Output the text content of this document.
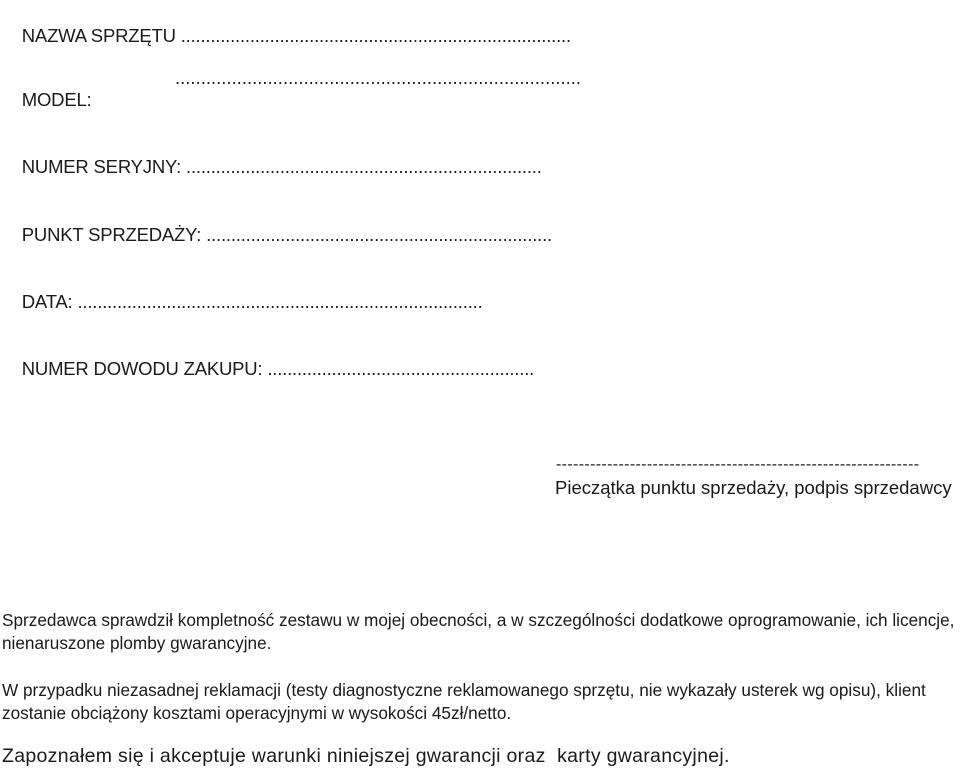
NAZWA SPRZĘTU ...............................................................................

MODEL:
...............................................................................

NUMER SERYJNY: ........................................................................

PUNKT SPRZEDAŻY: ......................................................................

DATA: ..................................................................................

NUMER DOWODU ZAKUPU: ......................................................

----------------------------------------------------------------
Pieczątka punktu sprzedaży, podpis sprzedawcy

Sprzedawca sprawdził kompletność zestawu w mojej obecności, a w szczególności dodatkowe oprogramowanie, ich licencje, nienaruszone plomby gwarancyjne.

W przypadku niezasadnej reklamacji (testy diagnostyczne reklamowanego sprzętu, nie wykazały usterek wg opisu), klient zostanie obciążony kosztami operacyjnymi w wysokości 45zł/netto.

Zapoznałem się i akceptuje warunki niniejszej gwarancji oraz  karty gwarancyjnej.
